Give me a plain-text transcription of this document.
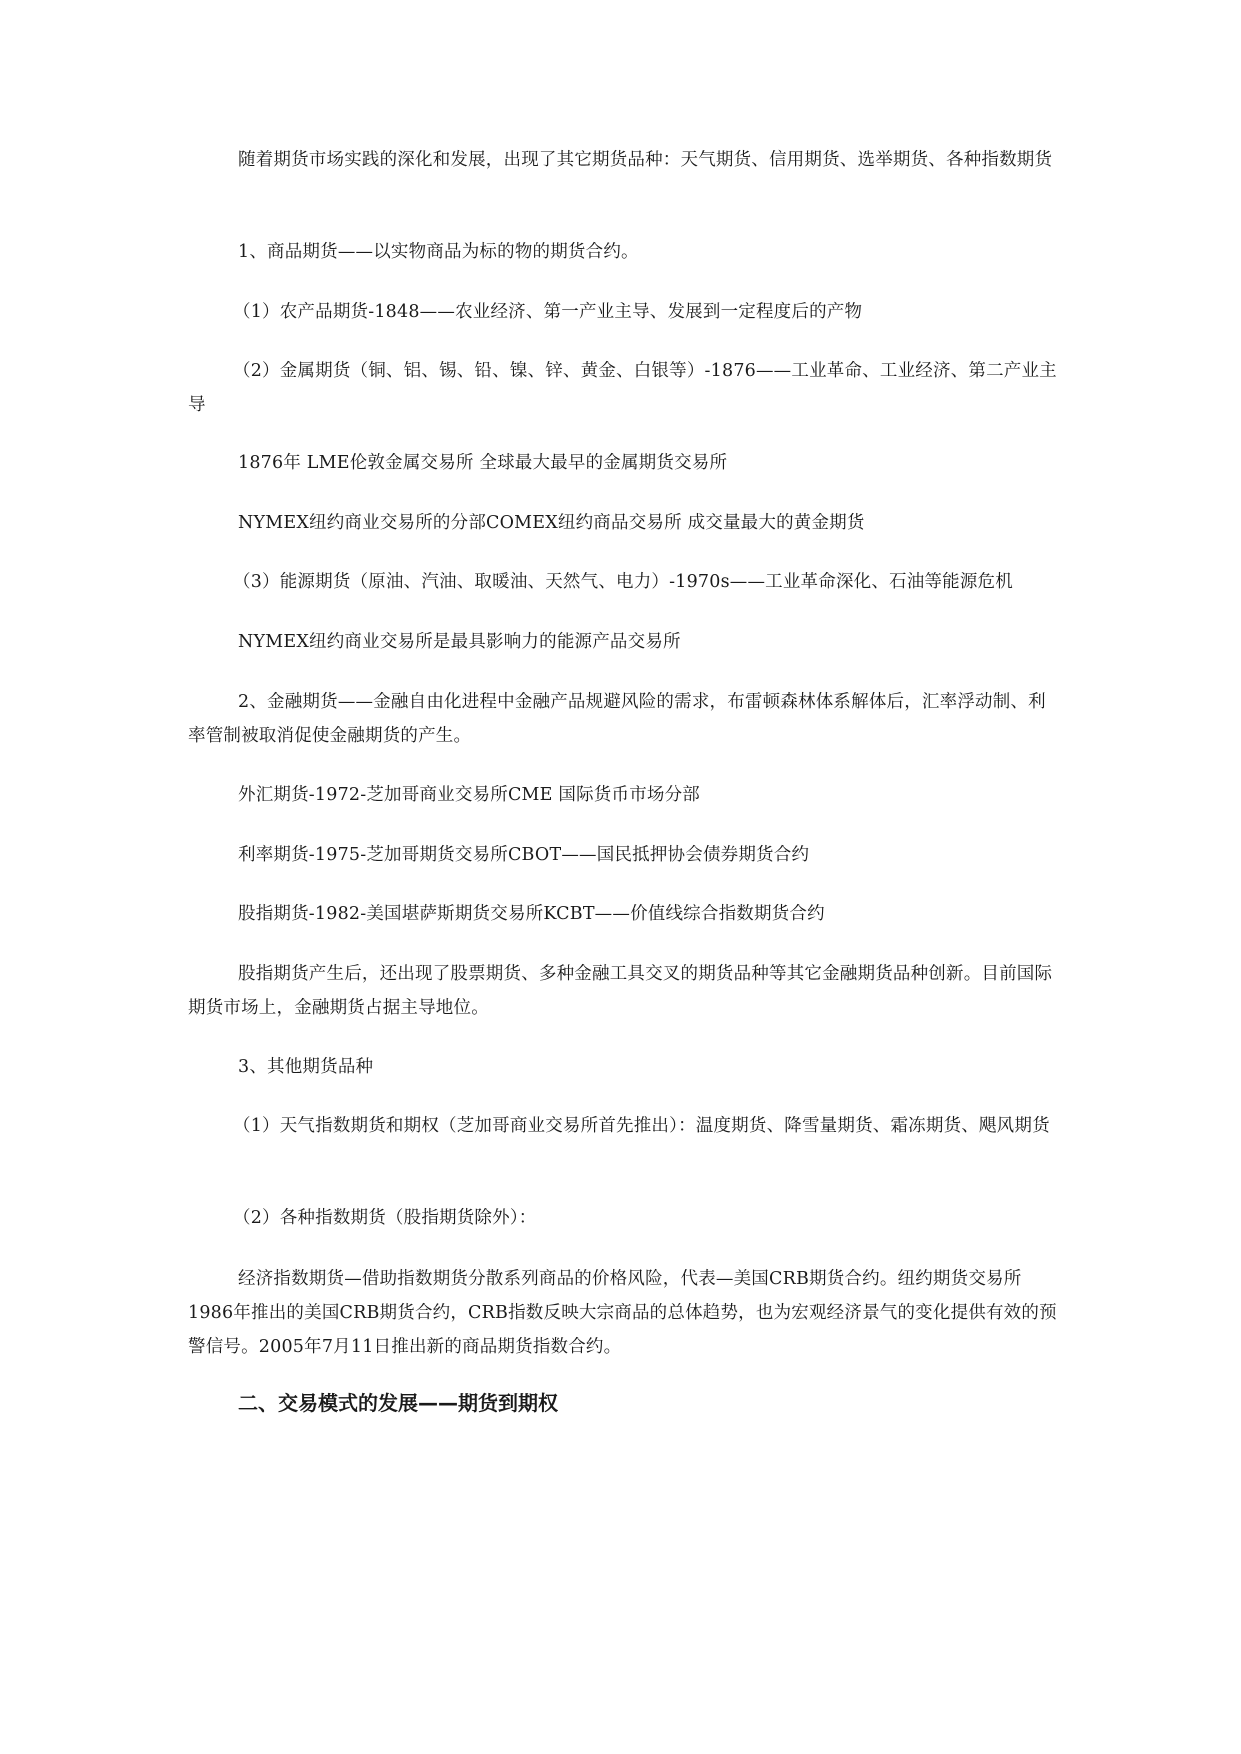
随着期货市场实践的深化和发展，出现了其它期货品种：天气期货、信用期货、选举期货、各种指数期货

1、商品期货——以实物商品为标的物的期货合约。

（1）农产品期货-1848——农业经济、第一产业主导、发展到一定程度后的产物

（2）金属期货（铜、铝、锡、铅、镍、锌、黄金、白银等）-1876——工业革命、工业经济、第二产业主导

1876年 LME伦敦金属交易所 全球最大最早的金属期货交易所

NYMEX纽约商业交易所的分部COMEX纽约商品交易所 成交量最大的黄金期货

（3）能源期货（原油、汽油、取暖油、天然气、电力）-1970s——工业革命深化、石油等能源危机

NYMEX纽约商业交易所是最具影响力的能源产品交易所

2、金融期货——金融自由化进程中金融产品规避风险的需求，布雷顿森林体系解体后，汇率浮动制、利率管制被取消促使金融期货的产生。

外汇期货-1972-芝加哥商业交易所CME 国际货币市场分部

利率期货-1975-芝加哥期货交易所CBOT——国民抵押协会债券期货合约

股指期货-1982-美国堪萨斯期货交易所KCBT——价值线综合指数期货合约

股指期货产生后，还出现了股票期货、多种金融工具交叉的期货品种等其它金融期货品种创新。目前国际期货市场上，金融期货占据主导地位。

3、其他期货品种

（1）天气指数期货和期权（芝加哥商业交易所首先推出）：温度期货、降雪量期货、霜冻期货、飓风期货

（2）各种指数期货（股指期货除外）：

经济指数期货—借助指数期货分散系列商品的价格风险，代表—美国CRB期货合约。纽约期货交易所1986年推出的美国CRB期货合约，CRB指数反映大宗商品的总体趋势，也为宏观经济景气的变化提供有效的预警信号。2005年7月11日推出新的商品期货指数合约。

二、交易模式的发展——期货到期权
